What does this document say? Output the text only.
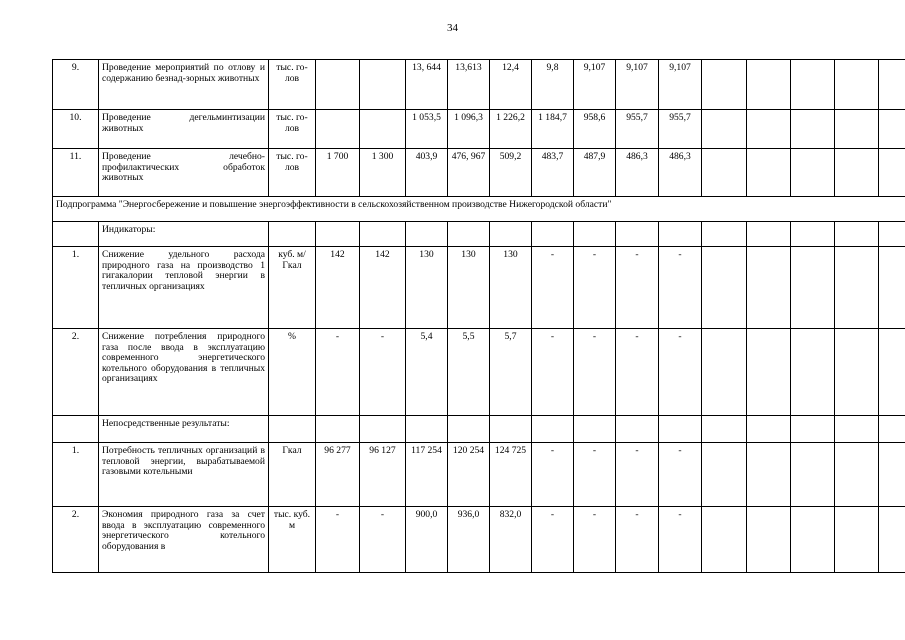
34
9.	Проведение мероприятий по отлову и содержанию безнад-зорных животных	тыс. го-лов			13, 644	13,613	12,4	9,8	9,107	9,107	9,107					
10.	Проведение дегельминтизации животных	тыс. го-лов			1 053,5	1 096,3	1 226,2	1 184,7	958,6	955,7	955,7					
11.	Проведение лечебно-профилактических обработок животных	тыс. го-лов	1 700	1 300	403,9	476, 967	509,2	483,7	487,9	486,3	486,3					
Подпрограмма "Энергосбережение и повышение энергоэффективности в сельскохозяйственном производстве Нижегородской области"																
	Индикаторы:															
1.	Снижение удельного расхода природного газа на производство 1 гигакалории тепловой энергии в тепличных организациях	куб. м/Гкал	142	142	130	130	130	-	-	-	-					
2.	Снижение потребления природного газа после ввода в эксплуатацию современного энергетического котельного оборудования в тепличных организациях	%	-	-	5,4	5,5	5,7	-	-	-	-					
	Непосредственные результаты:															
1.	Потребность тепличных организаций в тепловой энергии, вырабатываемой газовыми котельными	Гкал	96 277	96 127	117 254	120 254	124 725	-	-	-	-					
2.	Экономия природного газа за счет ввода в эксплуатацию современного энергетического котельного оборудования в	тыс. куб. м	-	-	900,0	936,0	832,0	-	-	-	-					
